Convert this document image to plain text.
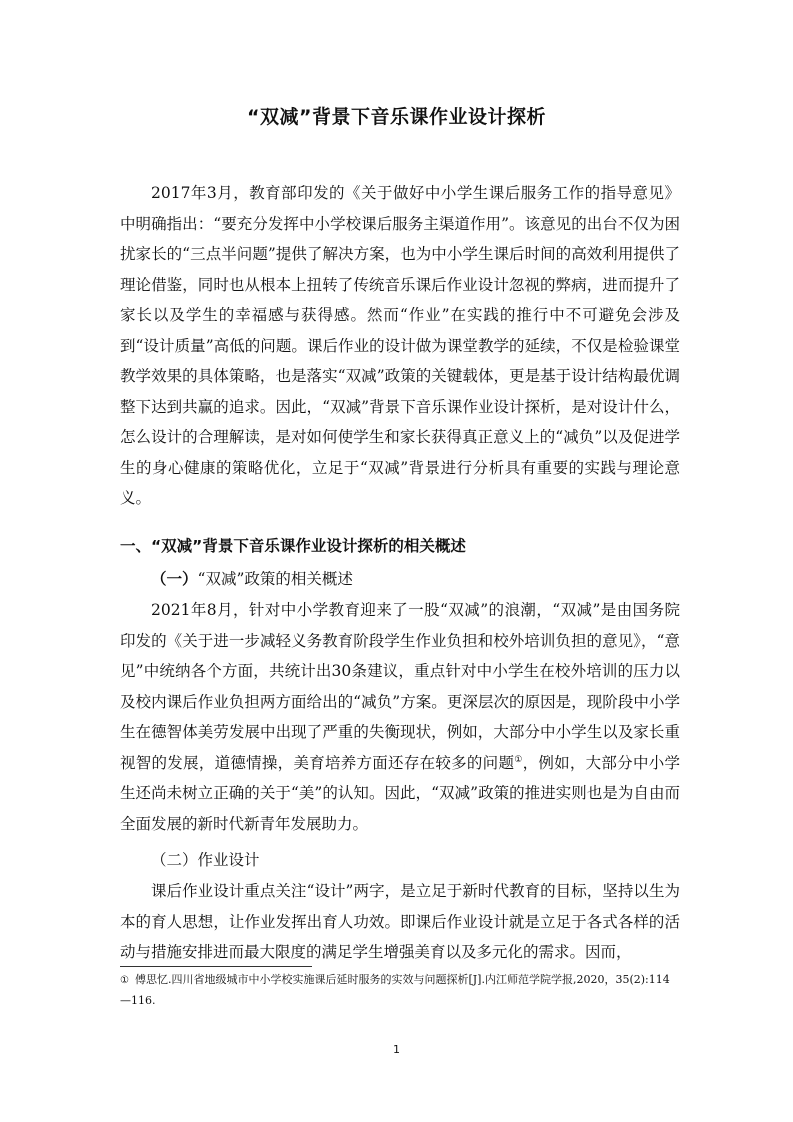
“双减”背景下音乐课作业设计探析

2017年3月，教育部印发的《关于做好中小学生课后服务工作的指导意见》中明确指出：“要充分发挥中小学校课后服务主渠道作用”。该意见的出台不仅为困扰家长的“三点半问题”提供了解决方案，也为中小学生课后时间的高效利用提供了理论借鉴，同时也从根本上扭转了传统音乐课后作业设计忽视的弊病，进而提升了家长以及学生的幸福感与获得感。然而“作业”在实践的推行中不可避免会涉及到“设计质量”高低的问题。课后作业的设计做为课堂教学的延续，不仅是检验课堂教学效果的具体策略，也是落实“双减”政策的关键载体，更是基于设计结构最优调整下达到共赢的追求。因此，“双减”背景下音乐课作业设计探析，是对设计什么，怎么设计的合理解读，是对如何使学生和家长获得真正意义上的“减负”以及促进学生的身心健康的策略优化，立足于“双减”背景进行分析具有重要的实践与理论意义。

一、“双减”背景下音乐课作业设计探析的相关概述
（一）“双减”政策的相关概述

2021年8月，针对中小学教育迎来了一股“双减”的浪潮，“双减”是由国务院印发的《关于进一步减轻义务教育阶段学生作业负担和校外培训负担的意见》，“意见”中统纳各个方面，共统计出30条建议，重点针对中小学生在校外培训的压力以及校内课后作业负担两方面给出的“减负”方案。更深层次的原因是，现阶段中小学生在德智体美劳发展中出现了严重的失衡现状，例如，大部分中小学生以及家长重视智的发展，道德情操，美育培养方面还存在较多的问题①，例如，大部分中小学生还尚未树立正确的关于“美”的认知。因此，“双减”政策的推进实则也是为自由而全面发展的新时代新青年发展助力。

（二）作业设计

课后作业设计重点关注“设计”两字，是立足于新时代教育的目标，坚持以生为本的育人思想，让作业发挥出育人功效。即课后作业设计就是立足于各式各样的活动与措施安排进而最大限度的满足学生增强美育以及多元化的需求。因而，

① 傅思忆.四川省地级城市中小学校实施课后延时服务的实效与问题探析[J].内江师范学院学报,2020，35(2):114—116.
1
